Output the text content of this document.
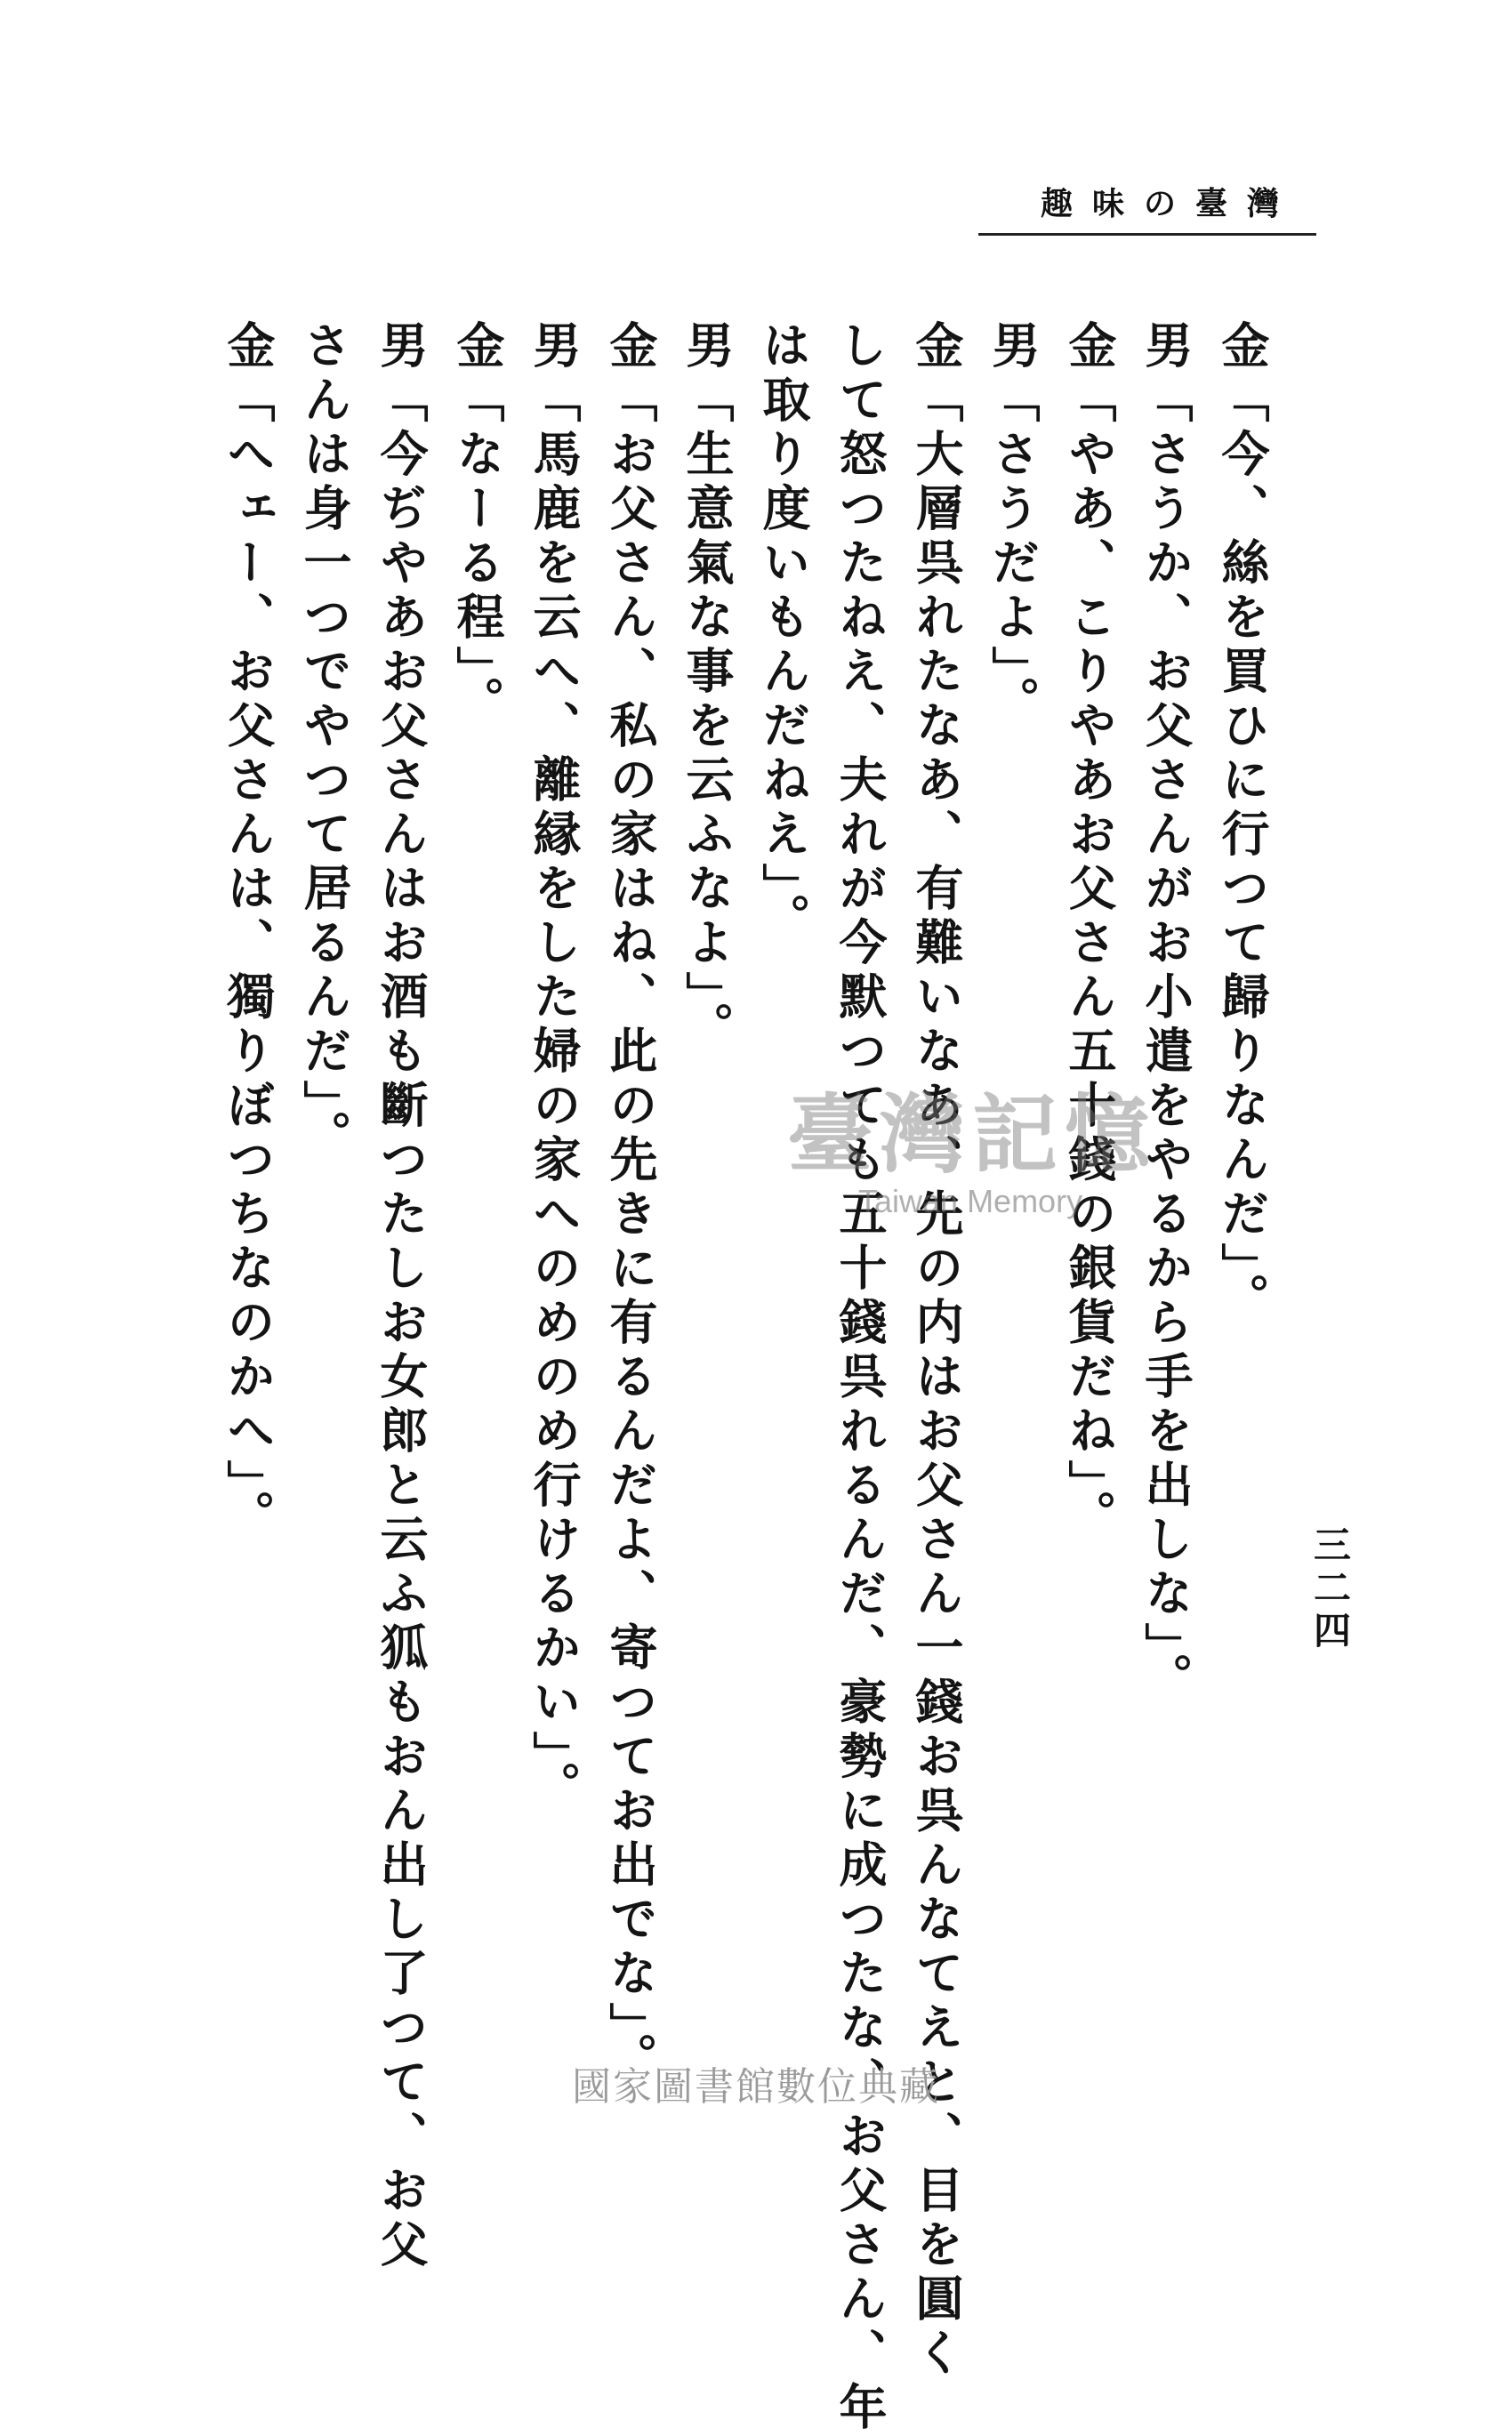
趣味の臺灣
金「今、絲を買ひに行つて歸りなんだ」。
男「さうか、お父さんがお小遣をやるから手を出しな」。
金「やあ、こりやあお父さん五十錢の銀貨だね」。
男「さうだよ」。
金「大層呉れたなあ、有難いなあ、先の内はお父さん一錢お呉んなてえと、目を圓く
して怒つたねえ、夫れが今默つても五十錢呉れるんだ、豪勢に成つたな、お父さん、年
は取り度いもんだねえ」。
男「生意氣な事を云ふなよ」。
金「お父さん、私の家はね、此の先きに有るんだよ、寄つてお出でな」。
男「馬鹿を云へ、離縁をした婦の家へのめのめ行けるかい」。
金「なーる程」。
男「今ぢやあお父さんはお酒も斷つたしお女郎と云ふ狐もおん出し了つて、お父
さんは身一つでやつて居るんだ」。
金「へェー、お父さんは、獨りぼつちなのかへ」。
三二四
臺灣記憶
Taiwan Memory
國家圖書館數位典藏
